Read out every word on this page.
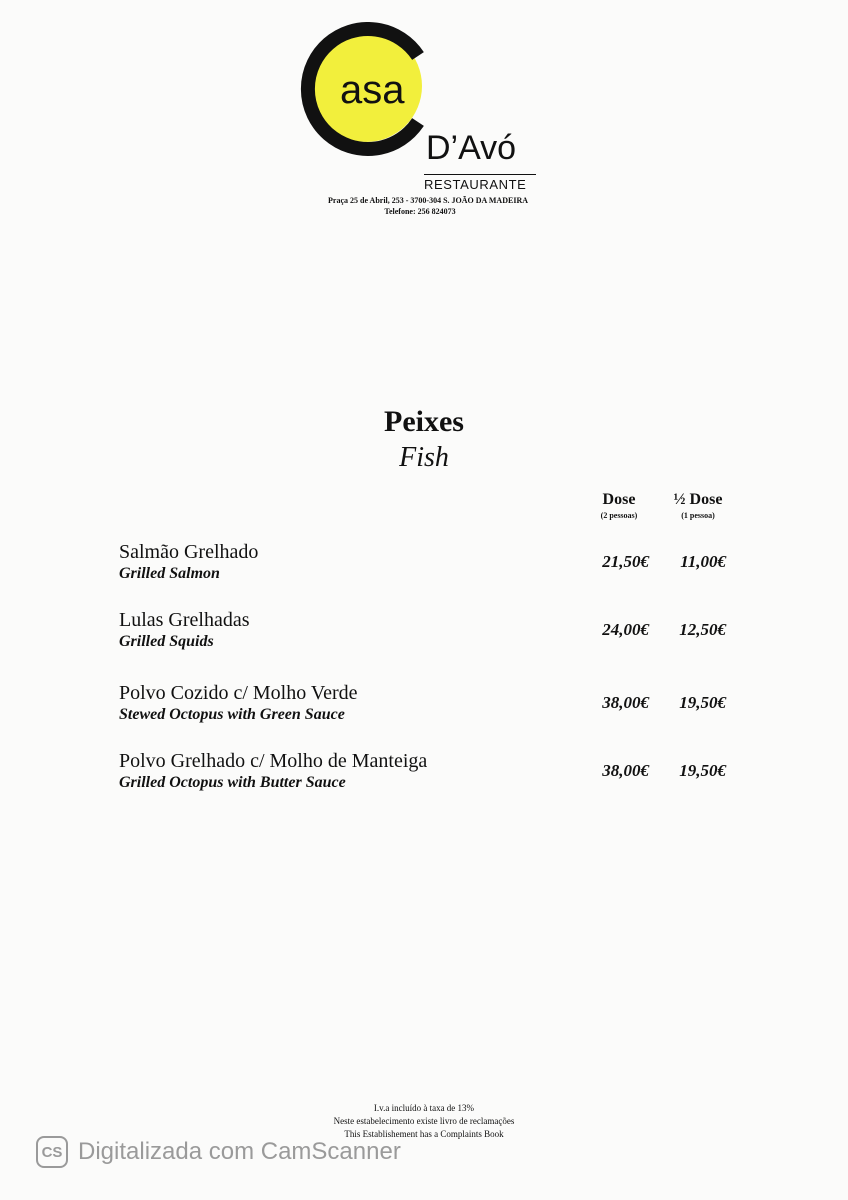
asa
D’Avó
RESTAURANTE
Praça 25 de Abril, 253 - 3700-304 S. JOÃO DA MADEIRA
Telefone: 256 824073
Peixes
Fish
Dose
(2 pessoas)
½ Dose
(1 pessoa)
Salmão Grelhado
Grilled Salmon
21,50€	11,00€
Lulas Grelhadas
Grilled Squids
24,00€	12,50€
Polvo Cozido c/ Molho Verde
Stewed Octopus with Green Sauce
38,00€	19,50€
Polvo Grelhado c/ Molho de Manteiga
Grilled Octopus with Butter Sauce
38,00€	19,50€
I.v.a incluído à taxa de 13%
Neste estabelecimento existe livro de reclamações
This Establishement has a Complaints Book
CS Digitalizada com CamScanner
